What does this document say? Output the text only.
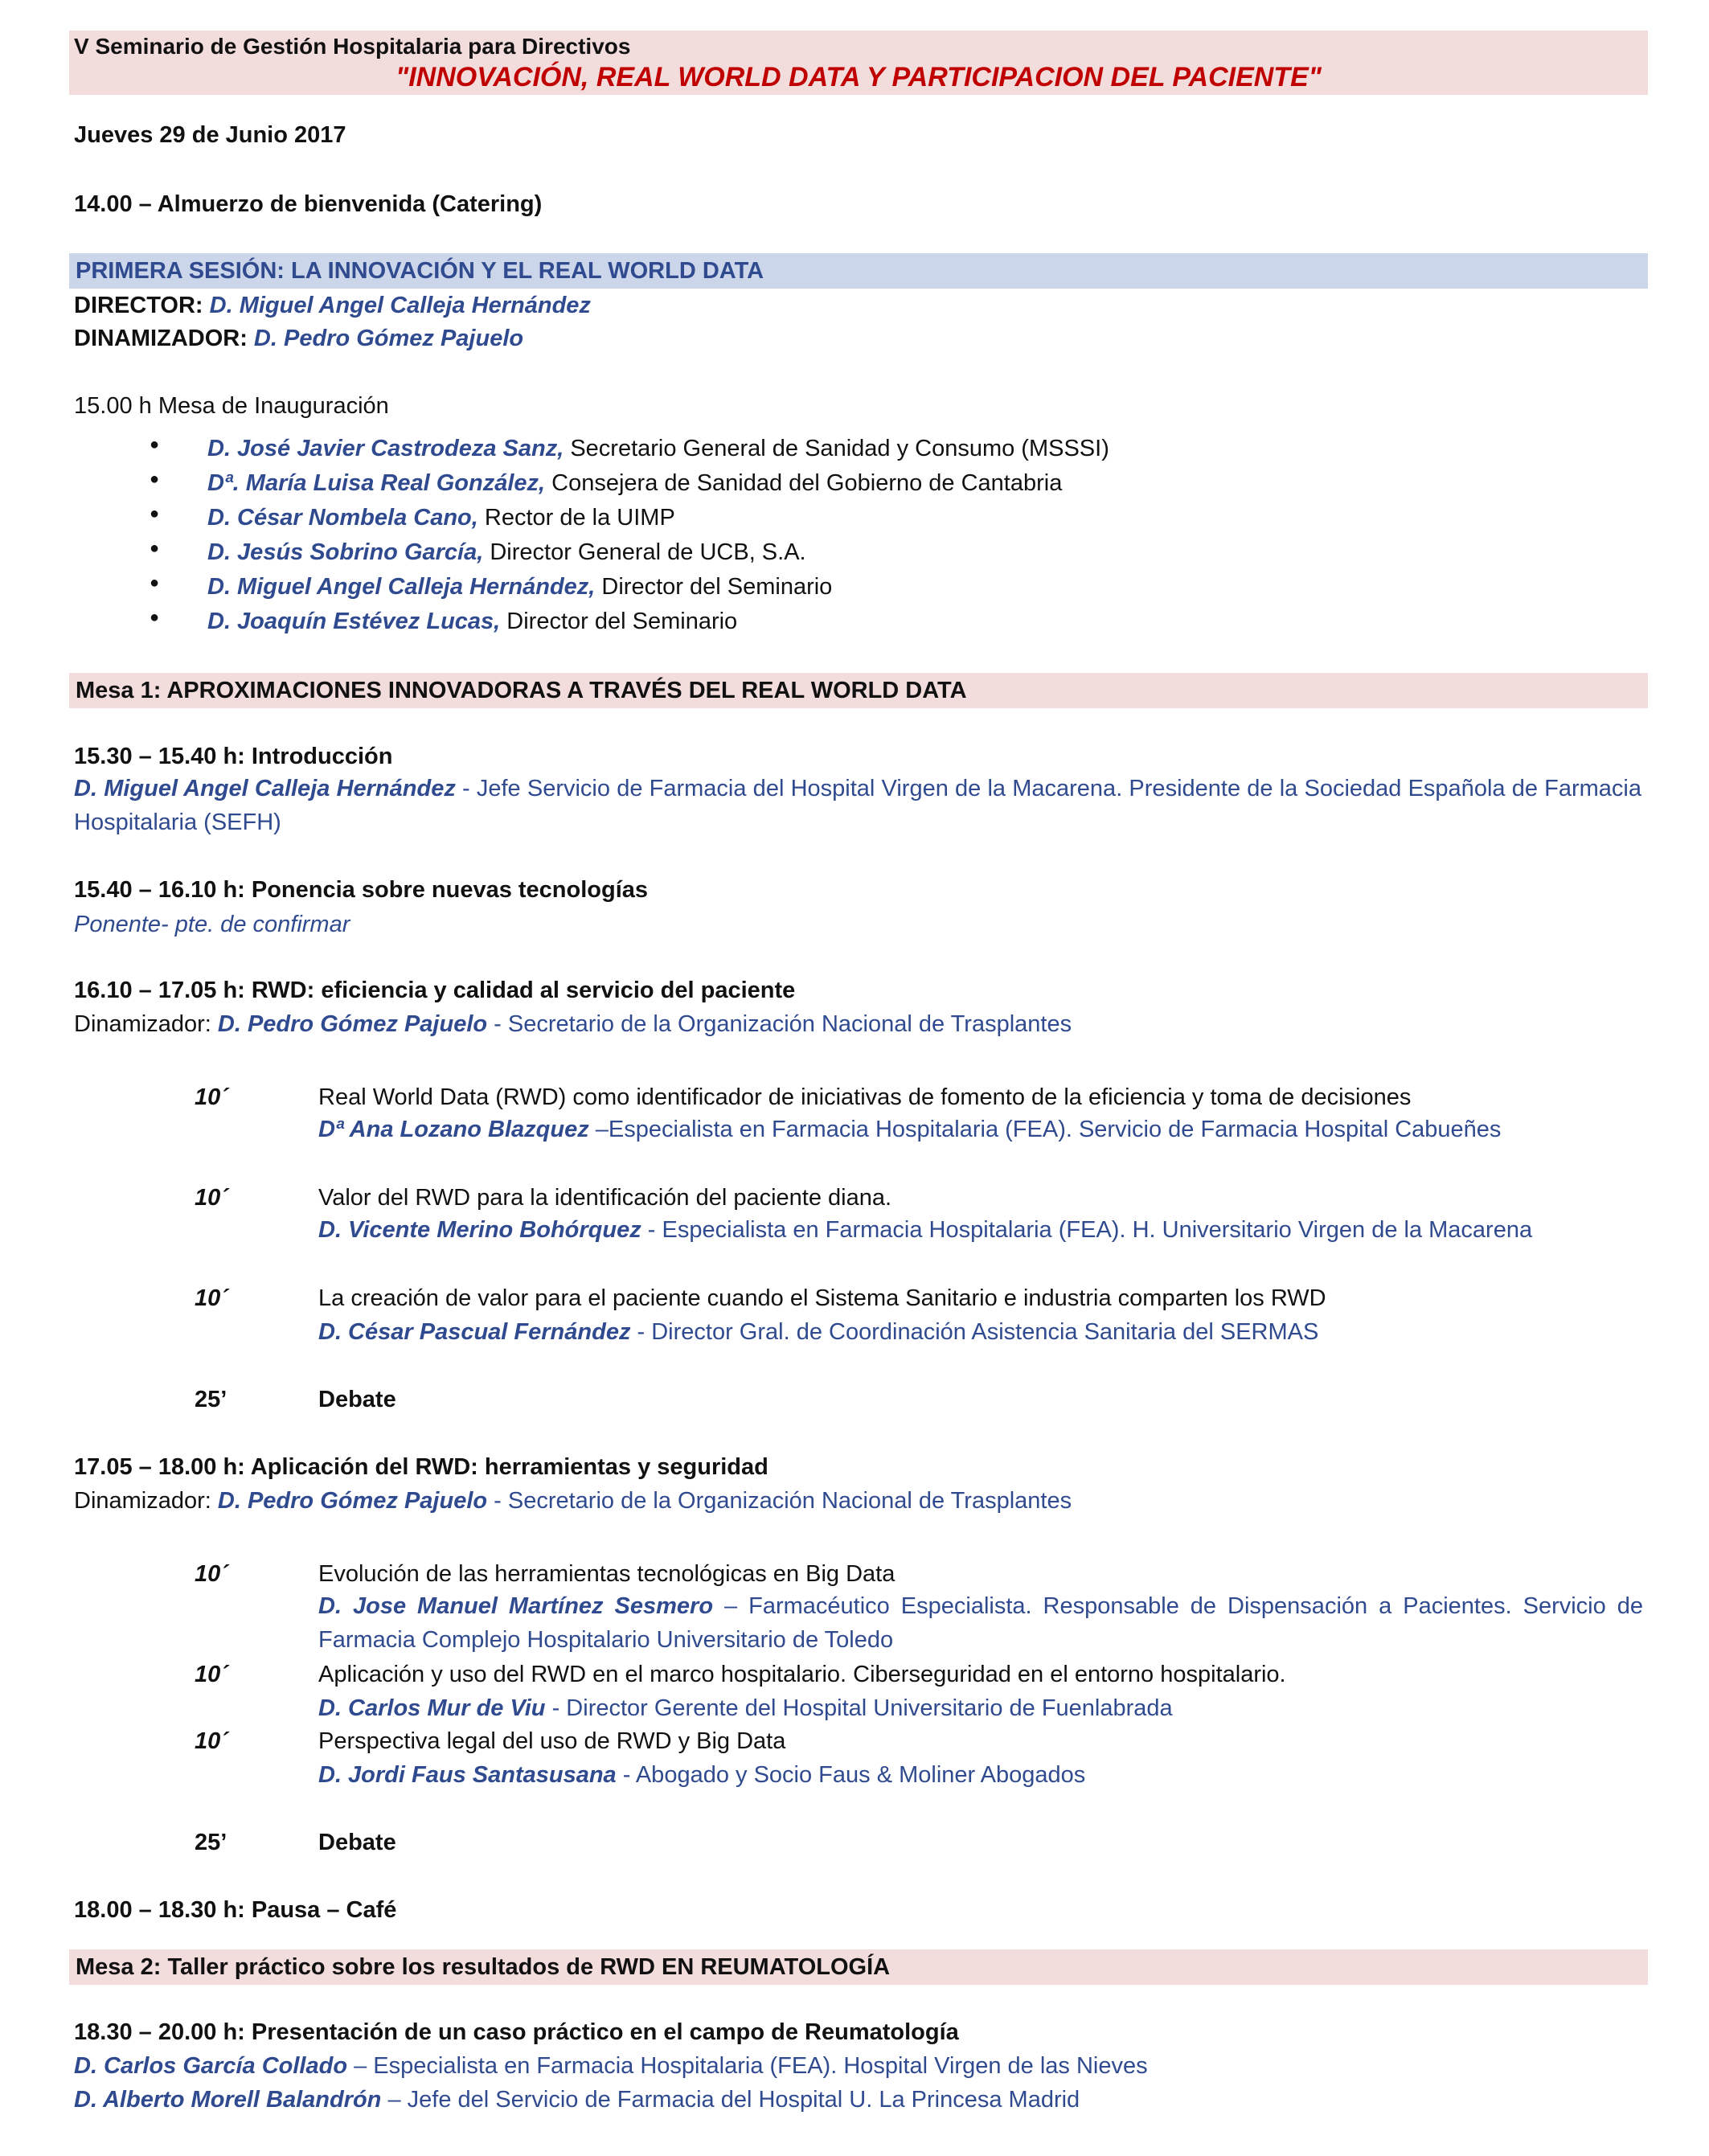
V Seminario de Gestión Hospitalaria para Directivos
"INNOVACIÓN, REAL WORLD DATA Y PARTICIPACION DEL PACIENTE"
Jueves 29 de Junio 2017
14.00 – Almuerzo de bienvenida (Catering)
PRIMERA SESIÓN: LA INNOVACIÓN Y EL REAL WORLD DATA
DIRECTOR: D. Miguel Angel Calleja Hernández
DINAMIZADOR: D. Pedro Gómez Pajuelo
15.00 h Mesa de Inauguración
● D. José Javier Castrodeza Sanz, Secretario General de Sanidad y Consumo (MSSSI)
● Dª. María Luisa Real González, Consejera de Sanidad del Gobierno de Cantabria
● D. César Nombela Cano, Rector de la UIMP
● D. Jesús Sobrino García, Director General de UCB, S.A.
● D. Miguel Angel Calleja Hernández, Director del Seminario
● D. Joaquín Estévez Lucas, Director del Seminario
Mesa 1: APROXIMACIONES INNOVADORAS A TRAVÉS DEL REAL WORLD DATA
15.30 – 15.40 h: Introducción
D. Miguel Angel Calleja Hernández - Jefe Servicio de Farmacia del Hospital Virgen de la Macarena. Presidente de la Sociedad Española de Farmacia Hospitalaria (SEFH)
15.40 – 16.10 h: Ponencia sobre nuevas tecnologías
Ponente- pte. de confirmar
16.10 – 17.05 h: RWD: eficiencia y calidad al servicio del paciente
Dinamizador: D. Pedro Gómez Pajuelo - Secretario de la Organización Nacional de Trasplantes
10´	Real World Data (RWD) como identificador de iniciativas de fomento de la eficiencia y toma de decisiones
Dª Ana Lozano Blazquez –Especialista en Farmacia Hospitalaria (FEA). Servicio de Farmacia Hospital Cabueñes
10´	Valor del RWD para la identificación del paciente diana.
D. Vicente Merino Bohórquez - Especialista en Farmacia Hospitalaria (FEA). H. Universitario Virgen de la Macarena
10´	La creación de valor para el paciente cuando el Sistema Sanitario e industria comparten los RWD
D. César Pascual Fernández - Director Gral. de Coordinación Asistencia Sanitaria del SERMAS
25’	Debate
17.05 – 18.00 h: Aplicación del RWD: herramientas y seguridad
Dinamizador: D. Pedro Gómez Pajuelo - Secretario de la Organización Nacional de Trasplantes
10´	Evolución de las herramientas tecnológicas en Big Data
D. Jose Manuel Martínez Sesmero – Farmacéutico Especialista. Responsable de Dispensación a Pacientes. Servicio de Farmacia Complejo Hospitalario Universitario de Toledo
10´	Aplicación y uso del RWD en el marco hospitalario. Ciberseguridad en el entorno hospitalario.
D. Carlos Mur de Viu - Director Gerente del Hospital Universitario de Fuenlabrada
10´	Perspectiva legal del uso de RWD y Big Data
D. Jordi Faus Santasusana - Abogado y Socio Faus & Moliner Abogados
25’	Debate
18.00 – 18.30 h: Pausa – Café
Mesa 2: Taller práctico sobre los resultados de RWD EN REUMATOLOGÍA
18.30 – 20.00 h: Presentación de un caso práctico en el campo de Reumatología
D. Carlos García Collado – Especialista en Farmacia Hospitalaria (FEA). Hospital Virgen de las Nieves
D. Alberto Morell Balandrón – Jefe del Servicio de Farmacia del Hospital U. La Princesa Madrid
